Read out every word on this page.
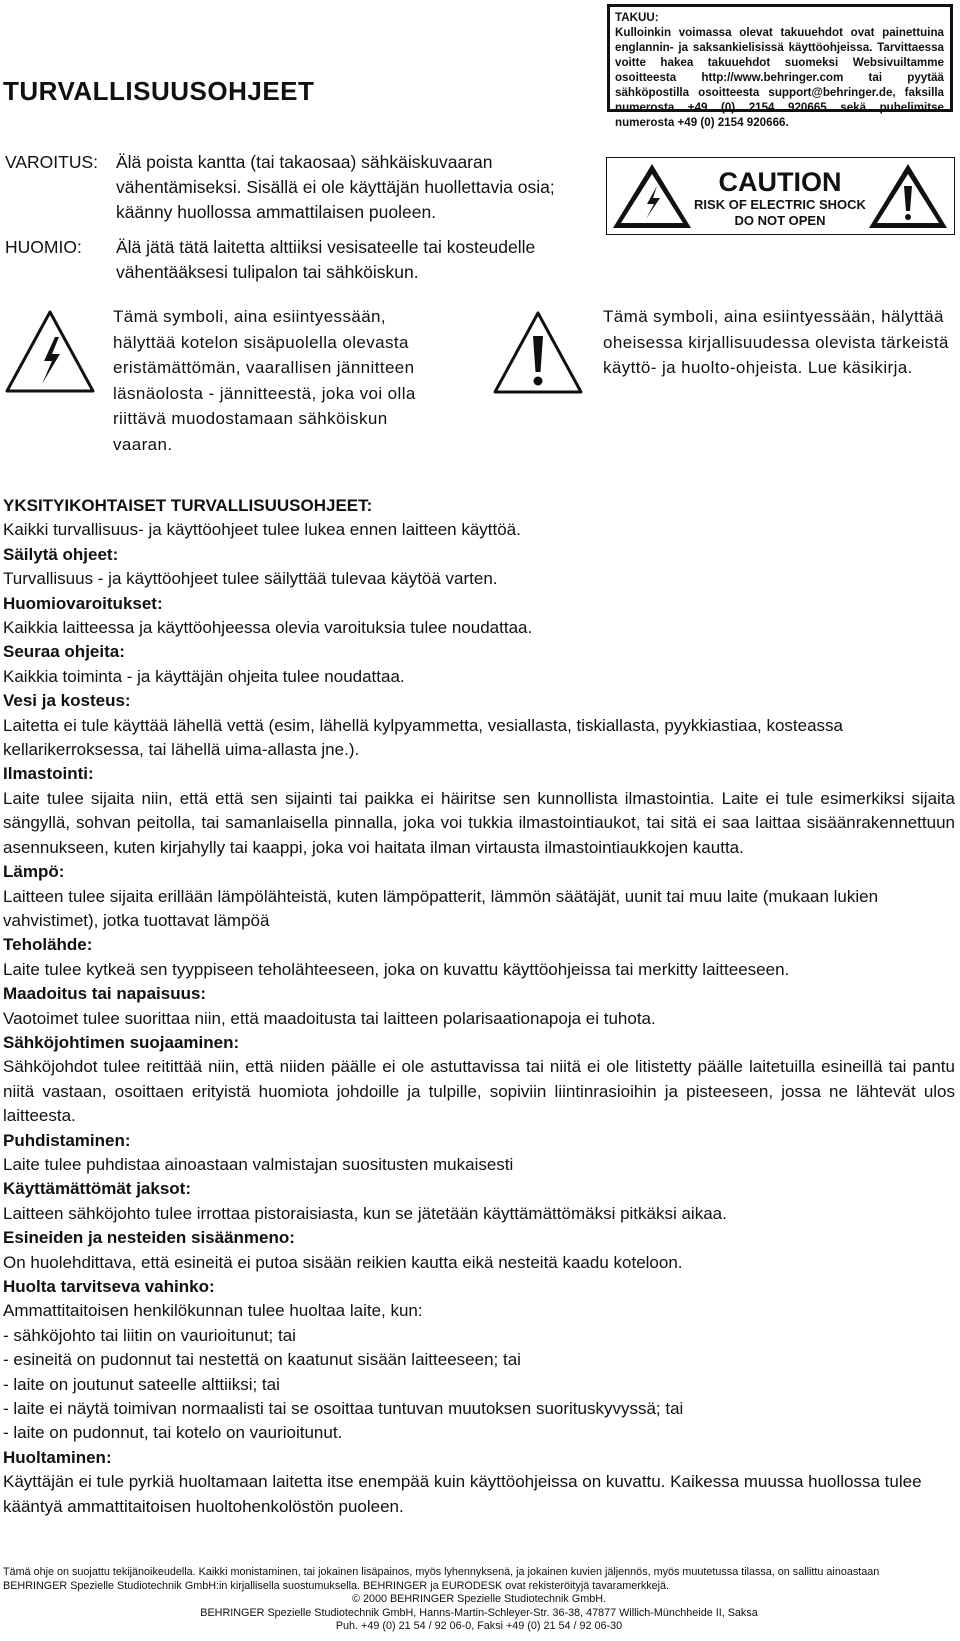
TURVALLISUUSOHJEET
TAKUU:
Kulloinkin voimassa olevat takuuehdot ovat painettuina englannin- ja saksankielisissä käyttöohjeissa. Tarvittaessa voitte hakea takuuehdot suomeksi Websivuiltamme osoitteesta http://www.behringer.com tai pyytää sähköpostilla osoitteesta support@behringer.de, faksilla numerosta +49 (0) 2154 920665 sekä puhelimitse numerosta +49 (0) 2154 920666.
VAROITUS: Älä poista kantta (tai takaosaa) sähkäiskuvaaran vähentämiseksi. Sisällä ei ole käyttäjän huollettavia osia; käänny huollossa ammattilaisen puoleen.
HUOMIO: Älä jätä tätä laitetta alttiiksi vesisateelle tai kosteudelle vähentääksesi tulipalon tai sähköiskun.
CAUTION
RISK OF ELECTRIC SHOCK
DO NOT OPEN
Tämä symboli, aina esiintyessään, hälyttää kotelon sisäpuolella olevasta eristämättömän, vaarallisen jännitteen läsnäolosta - jännitteestä, joka voi olla riittävä muodostamaan sähköiskun vaaran.
Tämä symboli, aina esiintyessään, hälyttää oheisessa kirjallisuudessa olevista tärkeistä käyttö- ja huolto-ohjeista. Lue käsikirja.
YKSITYIKOHTAISET TURVALLISUUSOHJEET:
Kaikki turvallisuus- ja käyttöohjeet tulee lukea ennen laitteen käyttöä.
Säilytä ohjeet:
Turvallisuus - ja käyttöohjeet tulee säilyttää tulevaa käytöä varten.
Huomiovaroitukset:
Kaikkia laitteessa ja käyttöohjeessa olevia varoituksia tulee noudattaa.
Seuraa ohjeita:
Kaikkia toiminta - ja käyttäjän ohjeita tulee noudattaa.
Vesi ja kosteus:
Laitetta ei tule käyttää lähellä vettä (esim, lähellä kylpyammetta, vesiallasta, tiskiallasta, pyykkiastiaa, kosteassa kellarikerroksessa, tai lähellä uima-allasta jne.).
Ilmastointi:
Laite tulee sijaita niin, että että sen sijainti tai paikka ei häiritse sen kunnollista ilmastointia. Laite ei tule esimerkiksi sijaita sängyllä, sohvan peitolla, tai samanlaisella pinnalla, joka voi tukkia ilmastointiaukot, tai sitä ei saa laittaa sisäänrakennettuun asennukseen, kuten kirjahylly tai kaappi, joka voi haitata ilman virtausta ilmastointiaukkojen kautta.
Lämpö:
Laitteen tulee sijaita erillään lämpölähteistä, kuten lämpöpatterit, lämmön säätäjät, uunit tai muu laite (mukaan lukien vahvistimet), jotka tuottavat lämpöä
Teholähde:
Laite tulee kytkeä sen tyyppiseen teholähteeseen, joka on kuvattu käyttöohjeissa tai merkitty laitteeseen.
Maadoitus tai napaisuus:
Vaotoimet tulee suorittaa niin, että maadoitusta tai laitteen polarisaationapoja ei tuhota.
Sähköjohtimen suojaaminen:
Sähköjohdot tulee reitittää niin, että niiden päälle ei ole astuttavissa tai niitä ei ole litistetty päälle laitetuilla esineillä tai pantu niitä vastaan, osoittaen erityistä huomiota johdoille ja tulpille, sopiviin liintinrasioihin ja pisteeseen, jossa ne lähtevät ulos laitteesta.
Puhdistaminen:
Laite tulee puhdistaa ainoastaan valmistajan suositusten mukaisesti
Käyttämättömät jaksot:
Laitteen sähköjohto tulee irrottaa pistoraisiasta, kun se jätetään käyttämättömäksi pitkäksi aikaa.
Esineiden ja nesteiden sisäänmeno:
On huolehdittava, että esineitä ei putoa sisään reikien kautta eikä nesteitä kaadu koteloon.
Huolta tarvitseva vahinko:
Ammattitaitoisen henkilökunnan tulee huoltaa laite, kun:
- sähköjohto tai liitin on vaurioitunut; tai
- esineitä on pudonnut tai nestettä on kaatunut sisään laitteeseen; tai
- laite on joutunut sateelle alttiiksi; tai
- laite ei näytä toimivan normaalisti tai se osoittaa tuntuvan muutoksen suorituskyvyssä; tai
- laite on pudonnut, tai kotelo on vaurioitunut.
Huoltaminen:
Käyttäjän ei tule pyrkiä huoltamaan laitetta itse enempää kuin käyttöohjeissa on kuvattu. Kaikessa muussa huollossa tulee kääntyä ammattitaitoisen huoltohenkolöstön puoleen.
Tämä ohje on suojattu tekijänoikeudella. Kaikki monistaminen, tai jokainen lisäpainos, myös lyhennyksenä, ja jokainen kuvien jäljennös, myös muutetussa tilassa, on sallittu ainoastaan
BEHRINGER Spezielle Studiotechnik GmbH:in kirjallisella suostumuksella. BEHRINGER ja EURODESK ovat rekisteröityjä tavaramerkkejä.
© 2000 BEHRINGER Spezielle Studiotechnik GmbH.
BEHRINGER Spezielle Studiotechnik GmbH, Hanns-Martin-Schleyer-Str. 36-38, 47877 Willich-Münchheide II, Saksa
Puh. +49 (0) 21 54 / 92 06-0, Faksi +49 (0) 21 54 / 92 06-30
